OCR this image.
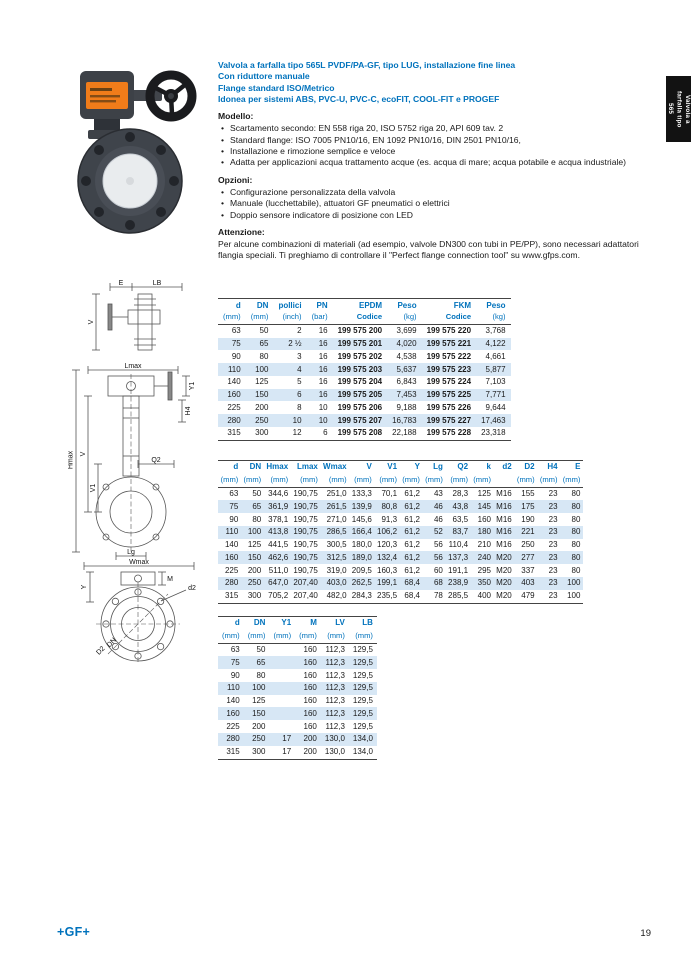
Valvola a
farfalla tipo
565
Valvola a farfalla tipo 565L PVDF/PA-GF, tipo LUG, installazione fine linea
Con riduttore manuale
Flange standard ISO/Metrico
Idonea per sistemi ABS, PVC-U, PVC-C, ecoFIT, COOL-FIT e PROGEF
Modello:
• Scartamento secondo: EN 558 riga 20, ISO 5752 riga 20, API 609 tav. 2
• Standard flange: ISO 7005 PN10/16, EN 1092 PN10/16, DIN 2501 PN10/16,
• Installazione e rimozione semplice e veloce
• Adatta per applicazioni acqua trattamento acque (es. acqua di mare; acqua potabile e acqua industriale)
Opzioni:
• Configurazione personalizzata della valvola
• Manuale (lucchettabile), attuatori GF pneumatici o elettrici
• Doppio sensore indicatore di posizione con LED
Attenzione:

Per alcune combinazioni di materiali (ad esempio, valvole DN300 con tubi in PE/PP), sono necessari adattatori flangia speciali. Ti preghiamo di controllare il "Perfect flange connection tool" su www.gfps.com.

E	LB
V
d	DN	pollici	PN	EPDM	Peso	FKM	Peso
(mm)	(mm)	(inch)	(bar)	Codice	(kg)	Codice	(kg)
63	50	2	16	199 575 200	3,699	199 575 220	3,768
75	65	2 ½	16	199 575 201	4,020	199 575 221	4,122
90	80	3	16	199 575 202	4,538	199 575 222	4,661
110	100	4	16	199 575 203	5,637	199 575 223	5,877
140	125	5	16	199 575 204	6,843	199 575 224	7,103
160	150	6	16	199 575 205	7,453	199 575 225	7,771
225	200	8	10	199 575 206	9,188	199 575 226	9,644
280	250	10	10	199 575 207	16,783	199 575 227	17,463
315	300	12	6	199 575 208	22,188	199 575 228	23,318
Lmax
Y1
H4
Hmax V
V1
Q2
Lg
d	DN	Hmax	Lmax	Wmax	V	V1	Y	Lg	Q2	k	d2	D2	H4	E
(mm)	(mm)	(mm)	(mm)	(mm)	(mm)	(mm)	(mm)	(mm)	(mm)	(mm)		(mm)	(mm)	(mm)
63	50	344,6	190,75	251,0	133,3	70,1	61,2	43	28,3	125	M16	155	23	80
75	65	361,9	190,75	261,5	139,9	80,8	61,2	46	43,8	145	M16	175	23	80
90	80	378,1	190,75	271,0	145,6	91,3	61,2	46	63,5	160	M16	190	23	80
110	100	413,8	190,75	286,5	166,4	106,2	61,2	52	83,7	180	M16	221	23	80
140	125	441,5	190,75	300,5	180,0	120,3	61,2	56	110,4	210	M16	250	23	80
160	150	462,6	190,75	312,5	189,0	132,4	61,2	56	137,3	240	M20	277	23	80
225	200	511,0	190,75	319,0	209,5	160,3	61,2	60	191,1	295	M20	337	23	80
280	250	647,0	207,40	403,0	262,5	199,1	68,4	68	238,9	350	M20	403	23	100
315	300	705,2	207,40	482,0	284,3	235,5	68,4	78	285,5	400	M20	479	23	100
Wmax
Y
M
d2
D2
DN
d	DN	Y1	M	LV	LB
(mm)	(mm)	(mm)	(mm)	(mm)	(mm)
63	50		160	112,3	129,5
75	65		160	112,3	129,5
90	80		160	112,3	129,5
110	100		160	112,3	129,5
140	125		160	112,3	129,5
160	150		160	112,3	129,5
225	200		160	112,3	129,5
280	250	17	200	130,0	134,0
315	300	17	200	130,0	134,0
+GF+	19
